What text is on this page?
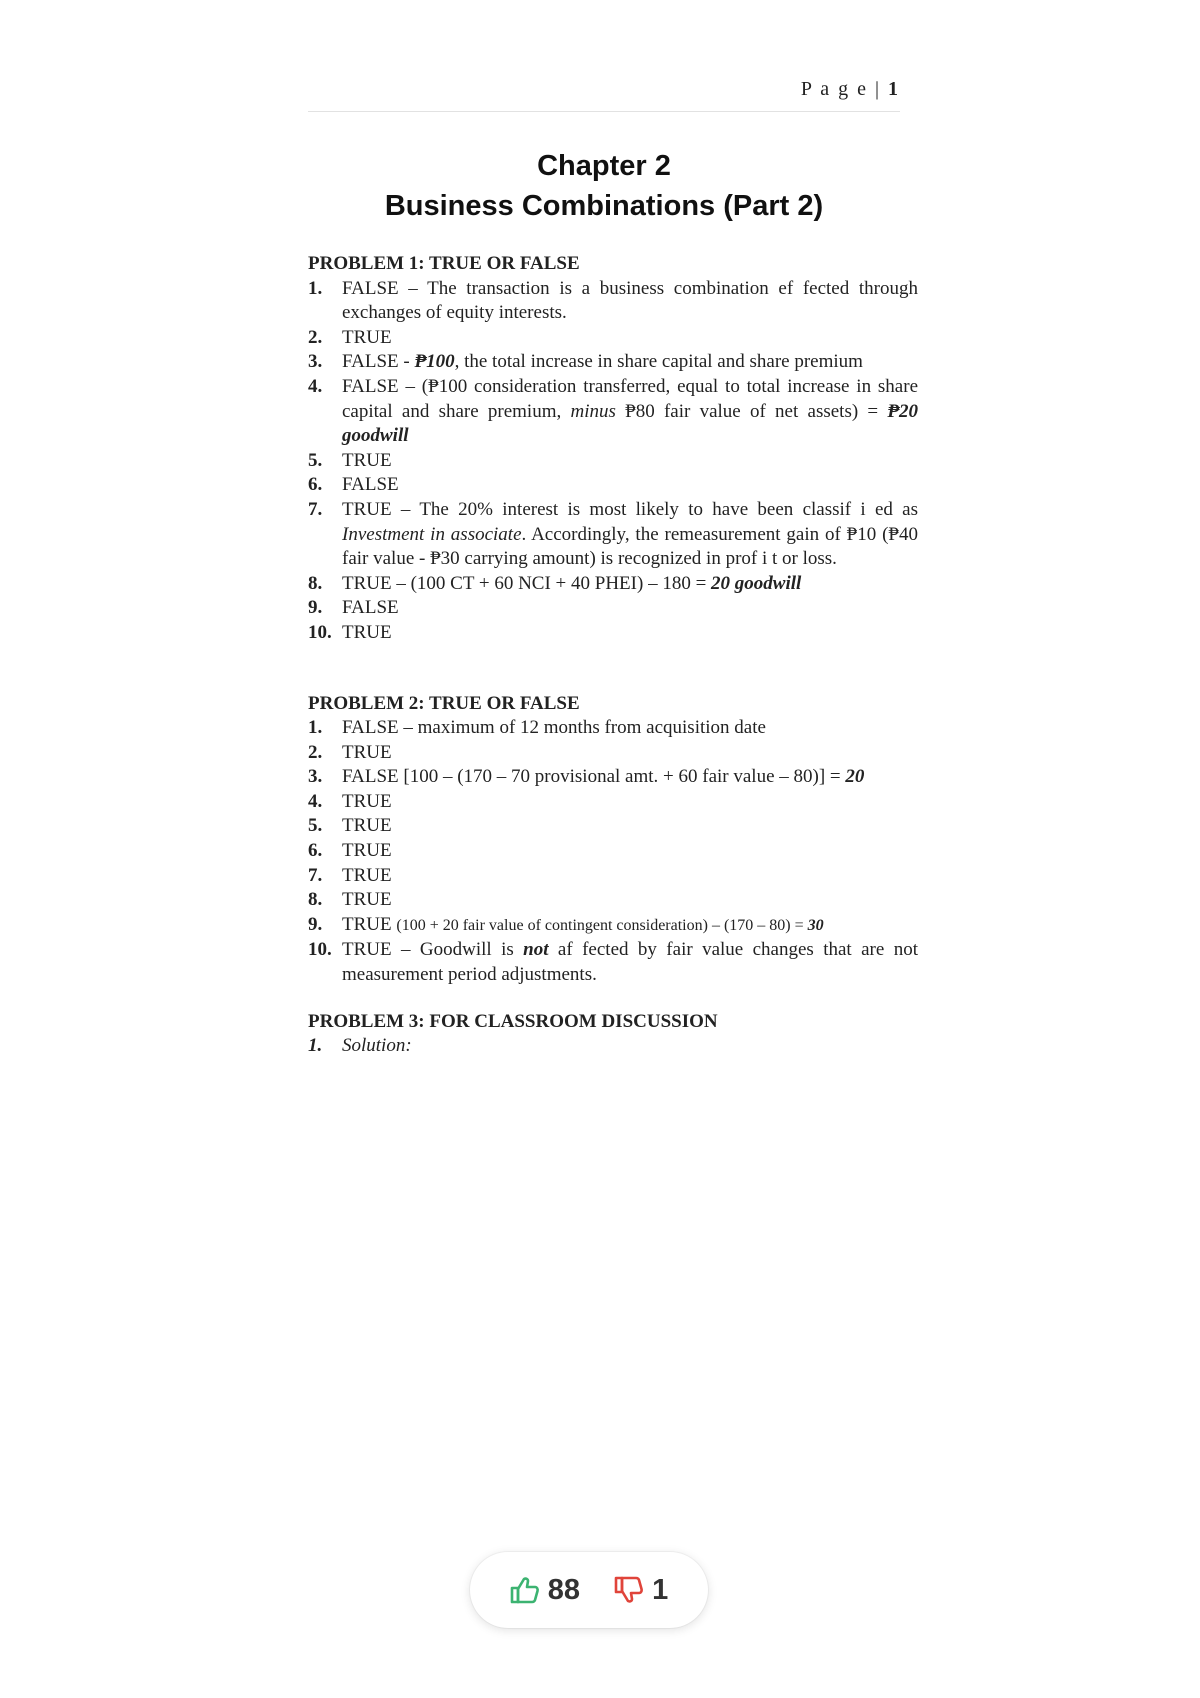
P a g e | 1
Chapter 2
Business Combinations (Part 2)

PROBLEM 1: TRUE OR FALSE

1.	FALSE – The transaction is a business combination ef fected through exchanges of equity interests.
2.	TRUE
3.	FALSE - ₱100, the total increase in share capital and share premium
4.	FALSE – (₱100 consideration transferred, equal to total increase in share capital and share premium, minus ₱80 fair value of net assets) = ₱20 goodwill
5.	TRUE
6.	FALSE
7.	TRUE – The 20% interest is most likely to have been classif i ed as Investment in associate. Accordingly, the remeasurement gain of ₱10 (₱40 fair value - ₱30 carrying amount) is recognized in prof i t or loss.
8.	TRUE – (100 CT + 60 NCI + 40 PHEI) – 180 = 20 goodwill
9.	FALSE
10. TRUE

PROBLEM 2: TRUE OR FALSE

1.	FALSE – maximum of 12 months from acquisition date
2.	TRUE
3.	FALSE [100 – (170 – 70 provisional amt. + 60 fair value – 80)] = 20
4.	TRUE
5.	TRUE
6.	TRUE
7.	TRUE
8.	TRUE
9.	TRUE (100 + 20 fair value of contingent consideration) – (170 – 80) = 30
10. TRUE – Goodwill is not af fected by fair value changes that are not measurement period adjustments.

PROBLEM 3: FOR CLASSROOM DISCUSSION

1.	Solution:
88 1
